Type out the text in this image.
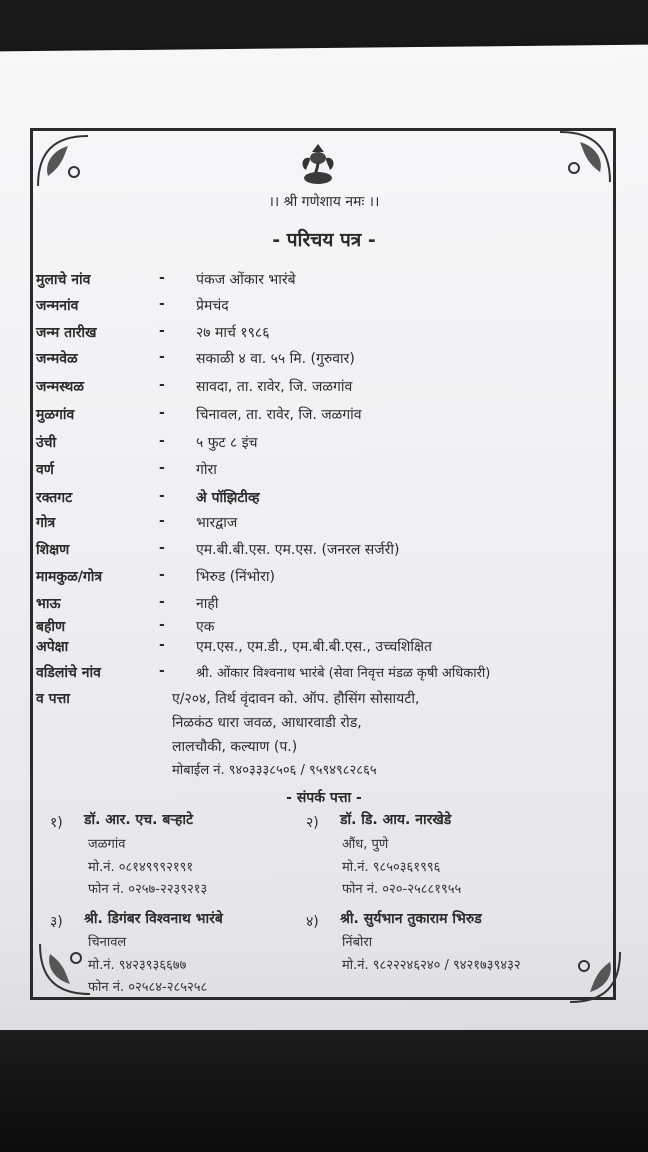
।। श्री गणेशाय नमः ।।
- परिचय पत्र -
मुलाचे नांव	- पंकज ओंकार भारंबे
जन्मनांव	- प्रेमचंद
जन्म तारीख	- २७ मार्च १९८६
जन्मवेळ	- सकाळी ४ वा. ५५ मि. (गुरुवार)
जन्मस्थळ	- सावदा, ता. रावेर, जि. जळगांव
मुळगांव	- चिनावल, ता. रावेर, जि. जळगांव
उंची	- ५ फुट ८ इंच
वर्ण	- गोरा
रक्तगट	- अे पॉझिटीव्ह
गोत्र	- भारद्वाज
शिक्षण	- एम.बी.बी.एस. एम.एस. (जनरल सर्जरी)
मामकुळ/गोत्र	- भिरुड (निंभोरा)
भाऊ	- नाही
बहीण	- एक
अपेक्षा	- एम.एस., एम.डी., एम.बी.बी.एस., उच्चशिक्षित
वडिलांचे नांव	- श्री. ओंकार विश्वनाथ भारंबे (सेवा निवृत्त मंडळ कृषी अधिकारी)
व पत्ता	ए/२०४, तिर्थ वृंदावन को. ऑप. हौसिंग सोसायटी,
निळकंठ धारा जवळ, आधारवाडी रोड,
लालचौकी, कल्याण (प.)
मोबाईल नं. ९४०३३३८५०६ / ९५९४९८२८६५
- संपर्क पत्ता -
१) डॉ. आर. एच. बऱ्हाटे
जळगांव
मो.नं. ०८१४९९९२१९१
फोन नं. ०२५७-२२३९२१३
२) डॉ. डि. आय. नारखेडे
औंध, पुणे
मो.नं. ९८५०३६१९९६
फोन नं. ०२०-२५८८१९५५
३) श्री. डिगंबर विश्वनाथ भारंबे
चिनावल
मो.नं. ९४२३९३६६७७
फोन नं. ०२५८४-२८५२५८
४) श्री. सुर्यभान तुकाराम भिरुड
निंबोरा
मो.नं. ९८२२२४६२४० / ९४२१७३९४३२
